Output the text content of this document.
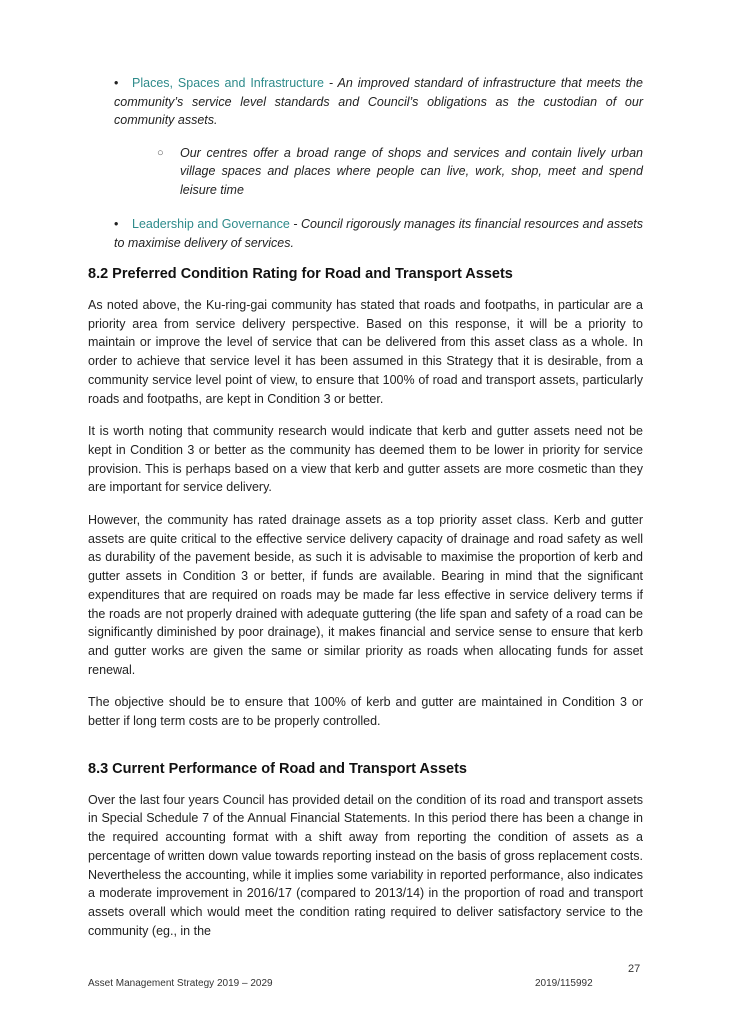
• Places, Spaces and Infrastructure - An improved standard of infrastructure that meets the community’s service level standards and Council’s obligations as the custodian of our community assets.
○ Our centres offer a broad range of shops and services and contain lively urban village spaces and places where people can live, work, shop, meet and spend leisure time
• Leadership and Governance - Council rigorously manages its financial resources and assets to maximise delivery of services.
8.2 Preferred Condition Rating for Road and Transport Assets

As noted above, the Ku-ring-gai community has stated that roads and footpaths, in particular are a priority area from service delivery perspective. Based on this response, it will be a priority to maintain or improve the level of service that can be delivered from this asset class as a whole. In order to achieve that service level it has been assumed in this Strategy that it is desirable, from a community service level point of view, to ensure that 100% of road and transport assets, particularly roads and footpaths, are kept in Condition 3 or better.

It is worth noting that community research would indicate that kerb and gutter assets need not be kept in Condition 3 or better as the community has deemed them to be lower in priority for service provision. This is perhaps based on a view that kerb and gutter assets are more cosmetic than they are important for service delivery.

However, the community has rated drainage assets as a top priority asset class. Kerb and gutter assets are quite critical to the effective service delivery capacity of drainage and road safety as well as durability of the pavement beside, as such it is advisable to maximise the proportion of kerb and gutter assets in Condition 3 or better, if funds are available. Bearing in mind that the significant expenditures that are required on roads may be made far less effective in service delivery terms if the roads are not properly drained with adequate guttering (the life span and safety of a road can be significantly diminished by poor drainage), it makes financial and service sense to ensure that kerb and gutter works are given the same or similar priority as roads when allocating funds for asset renewal.

The objective should be to ensure that 100% of kerb and gutter are maintained in Condition 3 or better if long term costs are to be properly controlled.

8.3 Current Performance of Road and Transport Assets

Over the last four years Council has provided detail on the condition of its road and transport assets in Special Schedule 7 of the Annual Financial Statements. In this period there has been a change in the required accounting format with a shift away from reporting the condition of assets as a percentage of written down value towards reporting instead on the basis of gross replacement costs. Nevertheless the accounting, while it implies some variability in reported performance, also indicates a moderate improvement in 2016/17 (compared to 2013/14) in the proportion of road and transport assets overall which would meet the condition rating required to deliver satisfactory service to the community (eg., in the

27
Asset Management Strategy 2019 – 2029	2019/115992
